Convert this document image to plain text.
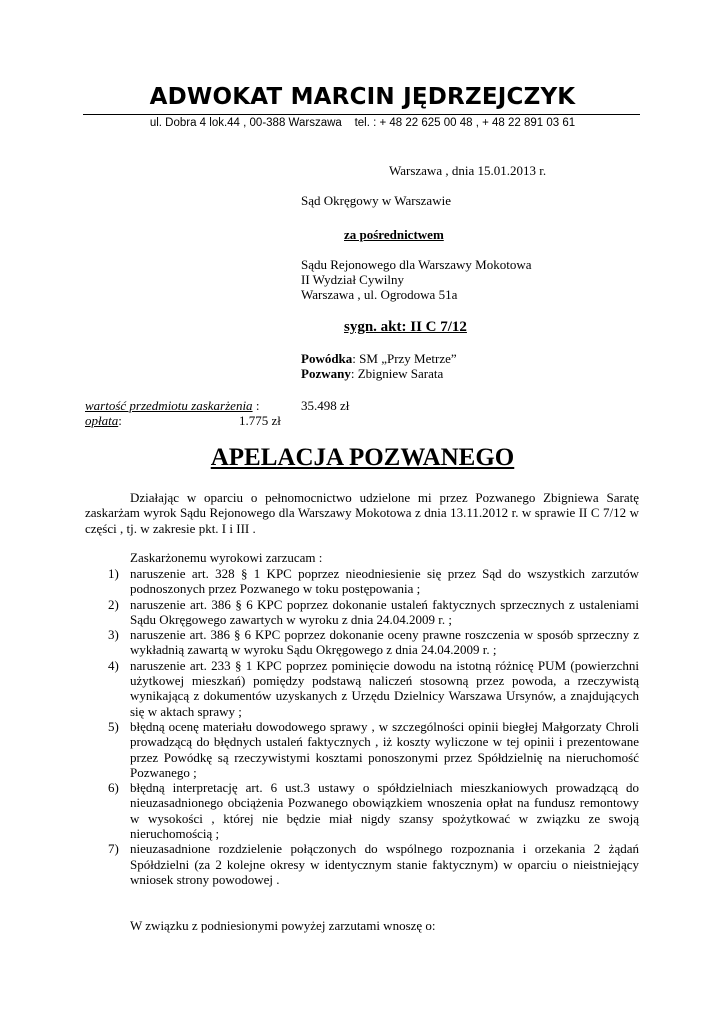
ADWOKAT MARCIN JĘDRZEJCZYK
ul. Dobra 4 lok.44 , 00-388 Warszawa    tel. : + 48 22 625 00 48 , + 48 22 891 03 61
Warszawa , dnia 15.01.2013 r.
Sąd Okręgowy w Warszawie
za pośrednictwem
Sądu Rejonowego dla Warszawy Mokotowa
II Wydział Cywilny
Warszawa , ul. Ogrodowa 51a
sygn. akt: II C 7/12
Powódka: SM „Przy Metrze”
Pozwany: Zbigniew Sarata
wartość przedmiotu zaskarżenia :	35.498 zł
opłata:	1.775 zł
APELACJA POZWANEGO
Działając w oparciu o pełnomocnictwo udzielone mi przez Pozwanego Zbigniewa Saratę zaskarżam wyrok Sądu Rejonowego dla Warszawy Mokotowa z dnia 13.11.2012 r. w sprawie II C 7/12 w części , tj. w zakresie pkt. I i III .
Zaskarżonemu wyrokowi zarzucam :
1) naruszenie art. 328 § 1 KPC poprzez nieodniesienie się przez Sąd do wszystkich zarzutów podnoszonych przez Pozwanego w toku postępowania ;
2) naruszenie art. 386 § 6 KPC poprzez dokonanie ustaleń faktycznych sprzecznych z ustaleniami Sądu Okręgowego zawartych w wyroku z dnia 24.04.2009 r. ;
3) naruszenie art. 386 § 6 KPC poprzez dokonanie oceny prawne roszczenia w sposób sprzeczny z wykładnią zawartą w wyroku Sądu Okręgowego z dnia 24.04.2009 r. ;
4) naruszenie art. 233 § 1 KPC poprzez pominięcie dowodu na istotną różnicę PUM (powierzchni użytkowej mieszkań) pomiędzy podstawą naliczeń stosowną przez powoda, a rzeczywistą wynikającą z dokumentów uzyskanych z Urzędu Dzielnicy Warszawa Ursynów, a znajdujących się w aktach sprawy ;
5) błędną ocenę materiału dowodowego sprawy , w szczególności opinii biegłej Małgorzaty Chroli prowadzącą do błędnych ustaleń faktycznych , iż koszty wyliczone w tej opinii i prezentowane przez Powódkę są rzeczywistymi kosztami ponoszonymi przez Spółdzielnię na nieruchomość Pozwanego ;
6) błędną interpretację art. 6 ust.3 ustawy o spółdzielniach mieszkaniowych prowadzącą do nieuzasadnionego obciążenia Pozwanego obowiązkiem wnoszenia opłat na fundusz remontowy w wysokości , której nie będzie miał nigdy szansy spożytkować w związku ze swoją nieruchomością ;
7) nieuzasadnione rozdzielenie połączonych do wspólnego rozpoznania i orzekania 2 żądań Spółdzielni (za 2 kolejne okresy w identycznym stanie faktycznym) w oparciu o nieistniejący wniosek strony powodowej .
W związku z podniesionymi powyżej zarzutami wnoszę o:
